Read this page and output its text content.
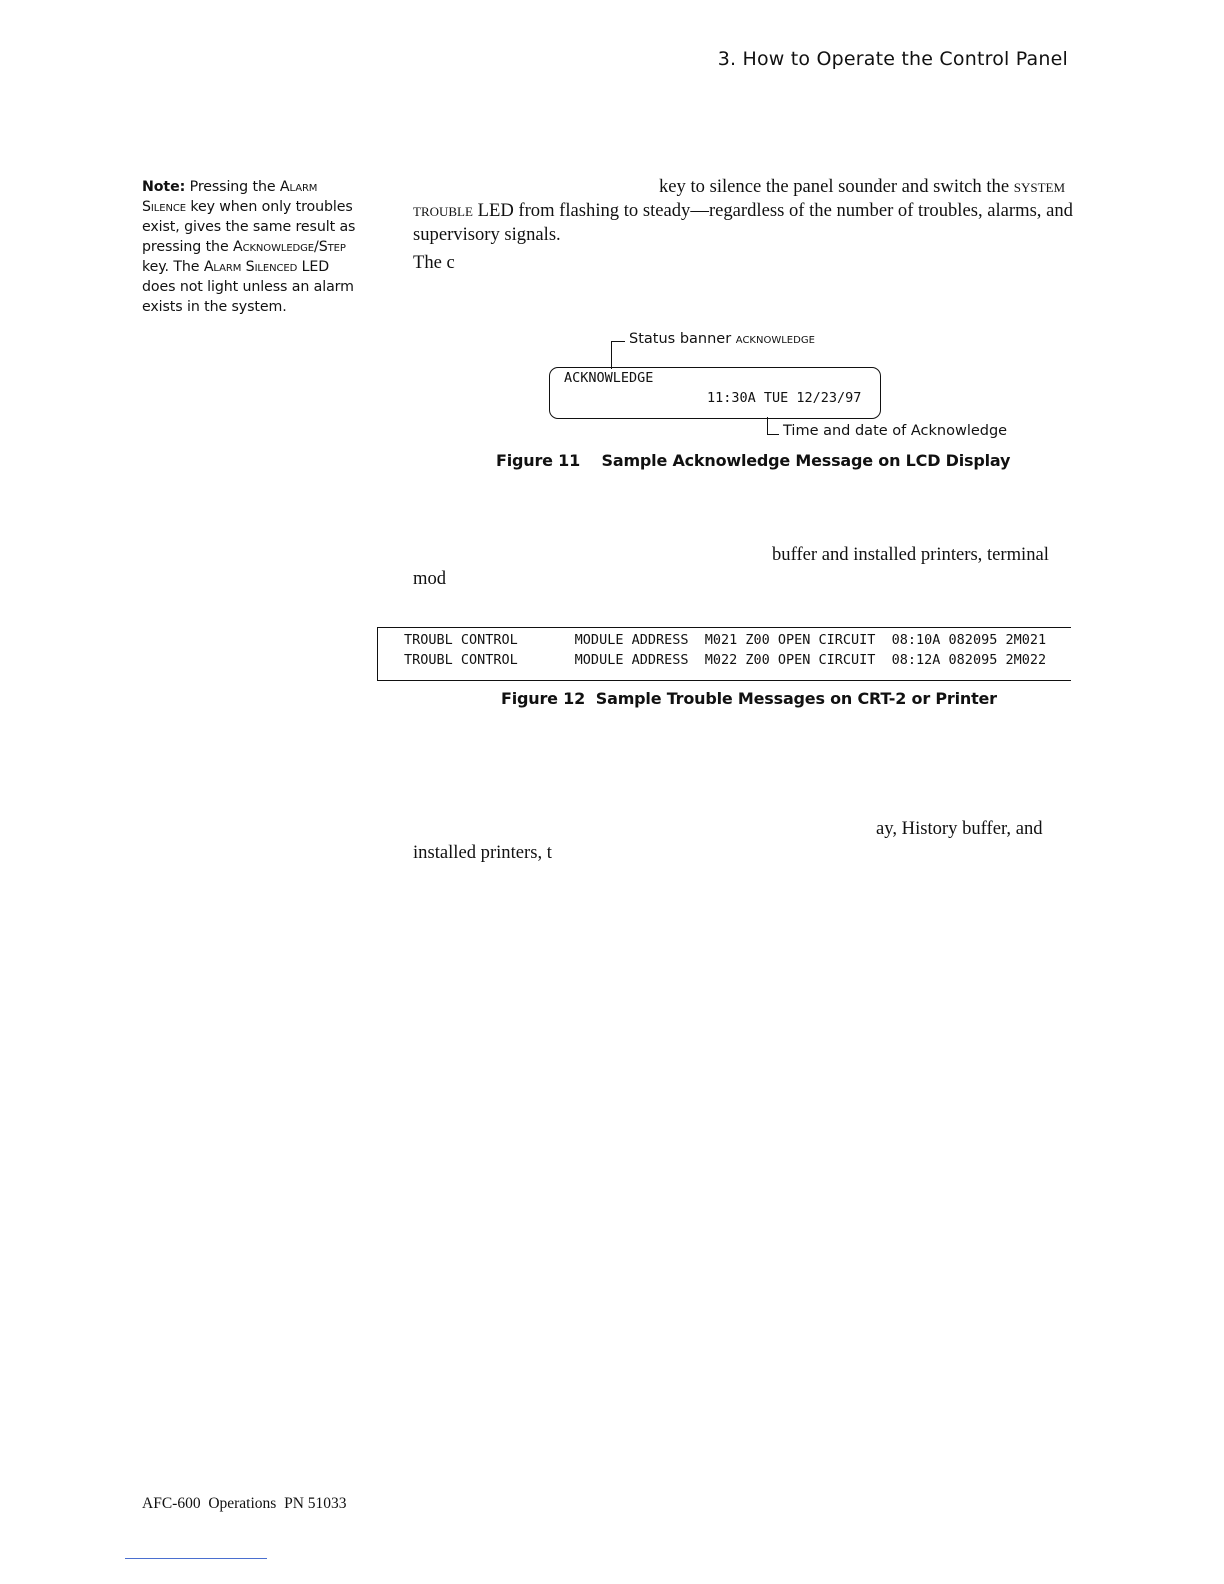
3. How to Operate the Control Panel
Note: Pressing the Alarm Silence key when only troubles exist, gives the same result as pressing the Acknowledge/Step key. The Alarm Silenced LED does not light unless an alarm exists in the system.
key to silence the panel sounder and switch the system trouble LED from flashing to steady—regardless of the number of troubles, alarms, and supervisory signals.
The c
Status banner acknowledge
ACKNOWLEDGE
11:30A TUE 12/23/97
Time and date of Acknowledge
Figure 11    Sample Acknowledge Message on LCD Display
buffer and installed printers, terminal
mod
TROUBL CONTROL       MODULE ADDRESS  M021 Z00 OPEN CIRCUIT  08:10A 082095 2M021
TROUBL CONTROL       MODULE ADDRESS  M022 Z00 OPEN CIRCUIT  08:12A 082095 2M022
Figure 12  Sample Trouble Messages on CRT-2 or Printer
ay, History buffer, and
installed printers, t
AFC-600  Operations  PN 51033
